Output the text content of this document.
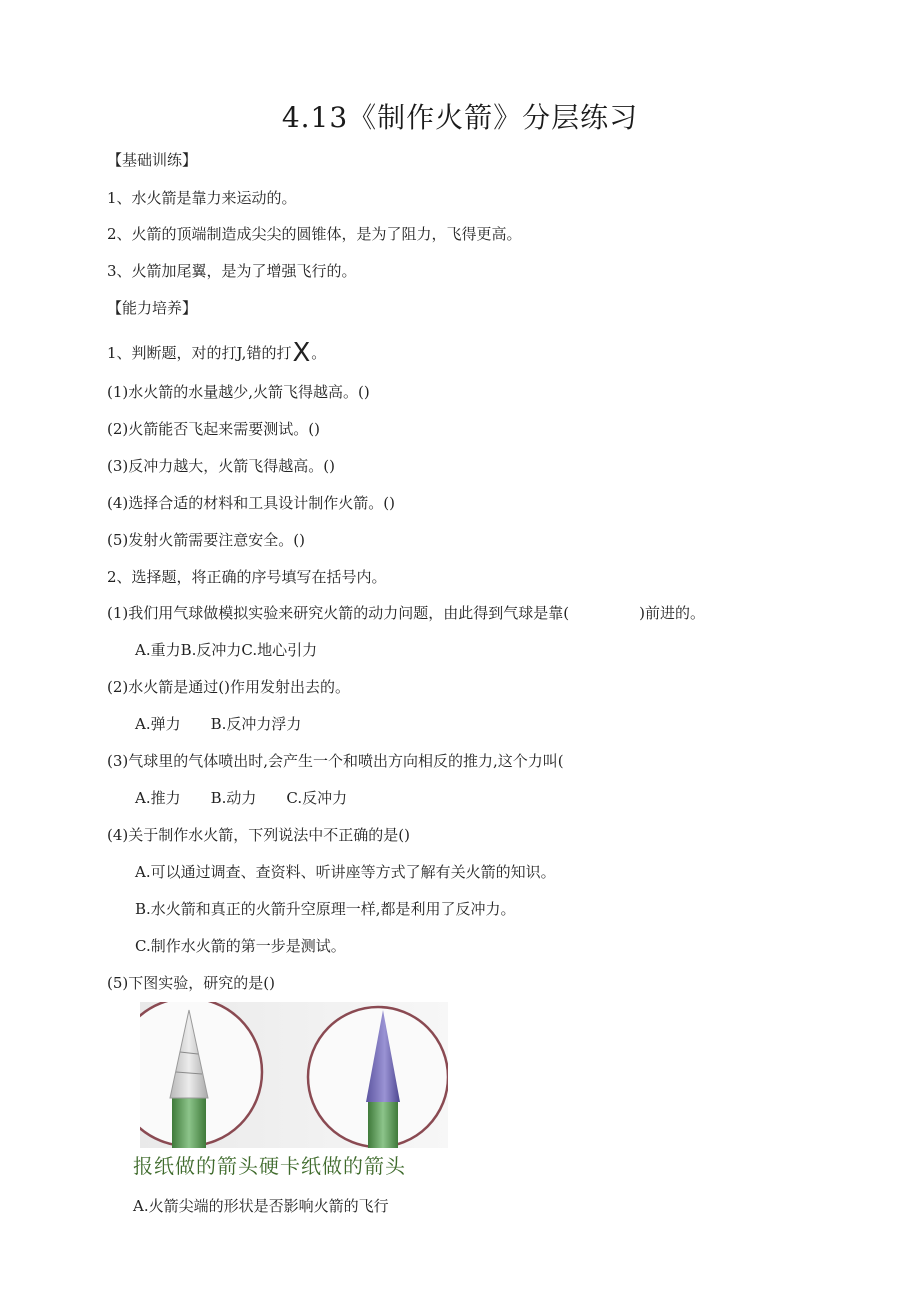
4.13《制作火箭》分层练习
【基础训练】
1、水火箭是靠力来运动的。
2、火箭的顶端制造成尖尖的圆锥体，是为了阻力，飞得更高。
3、火箭加尾翼，是为了增强飞行的。
【能力培养】
1、判断题，对的打J,错的打X。
(1)水火箭的水量越少,火箭飞得越高。()
(2)火箭能否飞起来需要测试。()
(3)反冲力越大，火箭飞得越高。()
(4)选择合适的材料和工具设计制作火箭。()
(5)发射火箭需要注意安全。()
2、选择题，将正确的序号填写在括号内。
(1)我们用气球做模拟实验来研究火箭的动力问题，由此得到气球是靠(	)前进的。
A.重力B.反冲力C.地心引力
(2)水火箭是通过()作用发射出去的。
A.弹力 B.反冲力浮力
(3)气球里的气体喷出时,会产生一个和喷出方向相反的推力,这个力叫(
A.推力 B.动力 C.反冲力
(4)关于制作水火箭，下列说法中不正确的是()
A.可以通过调查、查资料、听讲座等方式了解有关火箭的知识。
B.水火箭和真正的火箭升空原理一样,都是利用了反冲力。
C.制作水火箭的第一步是测试。
(5)下图实验，研究的是()
报纸做的箭头硬卡纸做的箭头
A.火箭尖端的形状是否影响火箭的飞行
